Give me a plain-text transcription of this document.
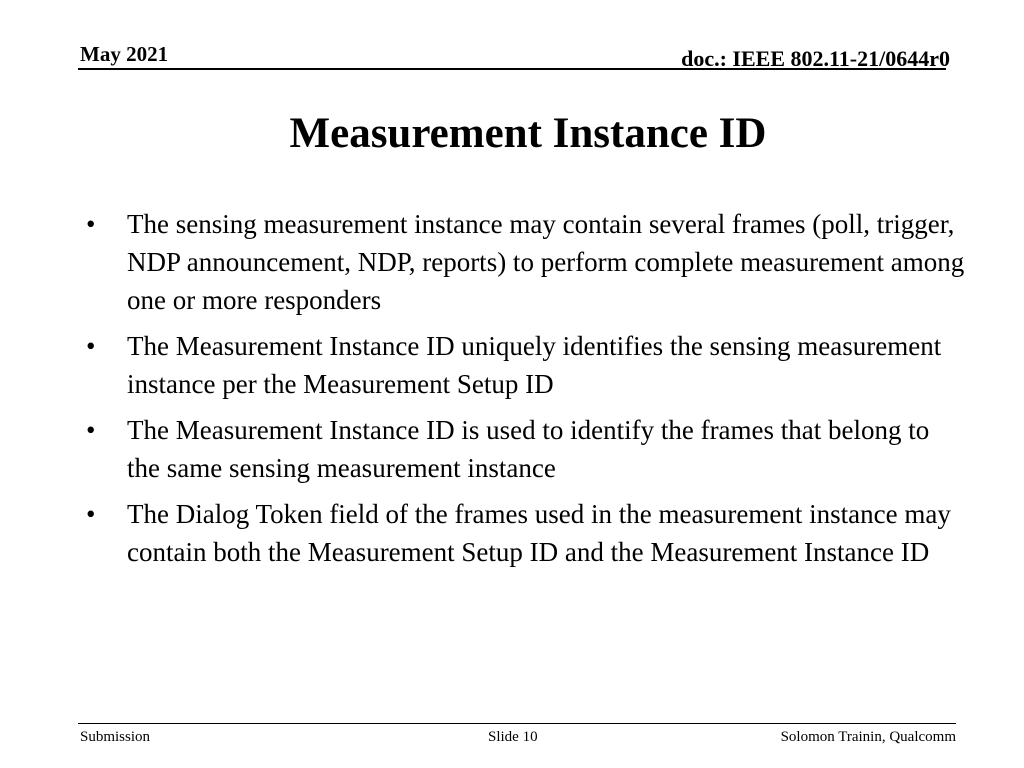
May 2021	doc.: IEEE 802.11-21/0644r0
Measurement Instance ID
•	The sensing measurement instance may contain several frames (poll, trigger, NDP announcement, NDP, reports) to perform complete measurement among one or more responders
•	The Measurement Instance ID uniquely identifies the sensing measurement instance per the Measurement Setup ID
•	The Measurement Instance ID is used to identify the frames that belong to the same sensing measurement instance
•	The Dialog Token field of the frames used in the measurement instance may contain both the Measurement Setup ID and the Measurement Instance ID
Submission	Slide 10	Solomon Trainin, Qualcomm
